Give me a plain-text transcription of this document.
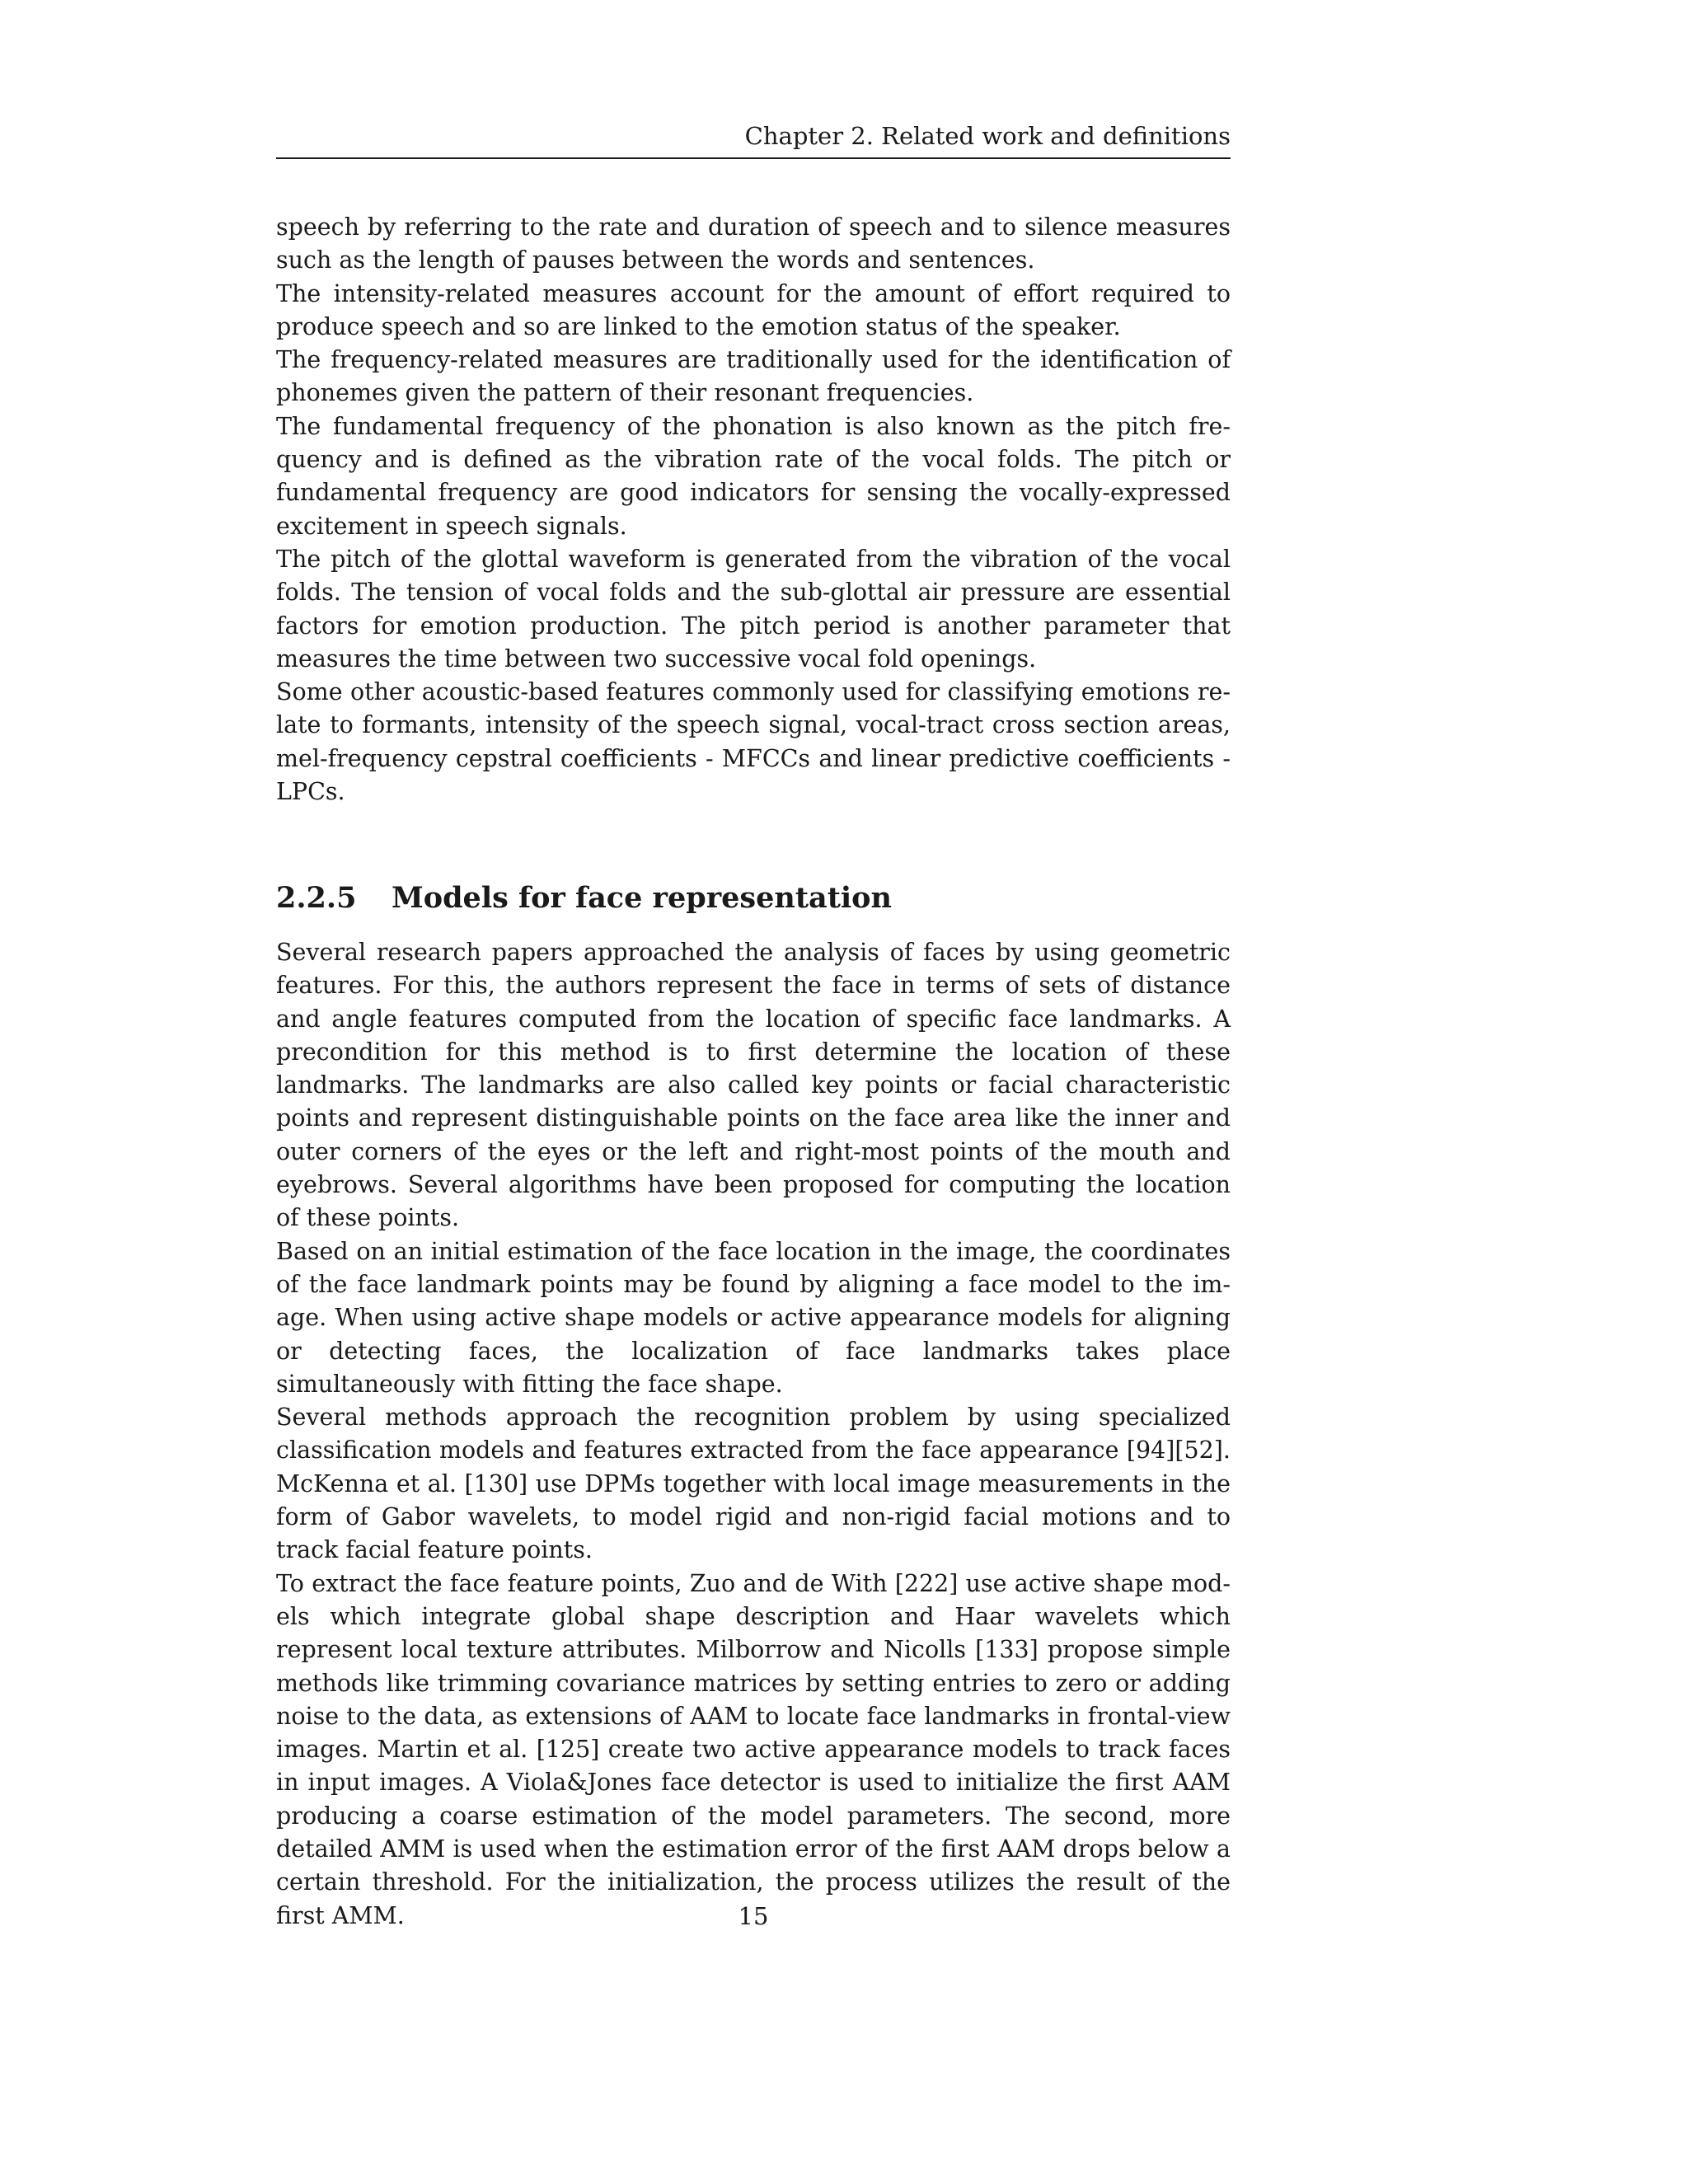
Chapter 2. Related work and definitions

speech by referring to the rate and duration of speech and to silence measures such as the length of pauses between the words and sentences.

The intensity-related measures account for the amount of effort required to produce speech and so are linked to the emotion status of the speaker.

The frequency-related measures are traditionally used for the identification of phonemes given the pattern of their resonant frequencies.

The fundamental frequency of the phonation is also known as the pitch frequency and is defined as the vibration rate of the vocal folds. The pitch or fundamental frequency are good indicators for sensing the vocally-expressed excitement in speech signals.

The pitch of the glottal waveform is generated from the vibration of the vocal folds. The tension of vocal folds and the sub-glottal air pressure are essential factors for emotion production. The pitch period is another parameter that measures the time between two successive vocal fold openings.

Some other acoustic-based features commonly used for classifying emotions relate to formants, intensity of the speech signal, vocal-tract cross section areas, mel-frequency cepstral coefficients - MFCCs and linear predictive coefficients - LPCs.

2.2.5 Models for face representation

Several research papers approached the analysis of faces by using geometric features. For this, the authors represent the face in terms of sets of distance and angle features computed from the location of specific face landmarks. A precondition for this method is to first determine the location of these landmarks. The landmarks are also called key points or facial characteristic points and represent distinguishable points on the face area like the inner and outer corners of the eyes or the left and right-most points of the mouth and eyebrows. Several algorithms have been proposed for computing the location of these points.

Based on an initial estimation of the face location in the image, the coordinates of the face landmark points may be found by aligning a face model to the image. When using active shape models or active appearance models for aligning or detecting faces, the localization of face landmarks takes place simultaneously with fitting the face shape.

Several methods approach the recognition problem by using specialized classification models and features extracted from the face appearance [94][52]. McKenna et al. [130] use DPMs together with local image measurements in the form of Gabor wavelets, to model rigid and non-rigid facial motions and to track facial feature points.

To extract the face feature points, Zuo and de With [222] use active shape models which integrate global shape description and Haar wavelets which represent local texture attributes. Milborrow and Nicolls [133] propose simple methods like trimming covariance matrices by setting entries to zero or adding noise to the data, as extensions of AAM to locate face landmarks in frontal-view images. Martin et al. [125] create two active appearance models to track faces in input images. A Viola&Jones face detector is used to initialize the first AAM producing a coarse estimation of the model parameters. The second, more detailed AMM is used when the estimation error of the first AAM drops below a certain threshold. For the initialization, the process utilizes the result of the first AMM.	15
